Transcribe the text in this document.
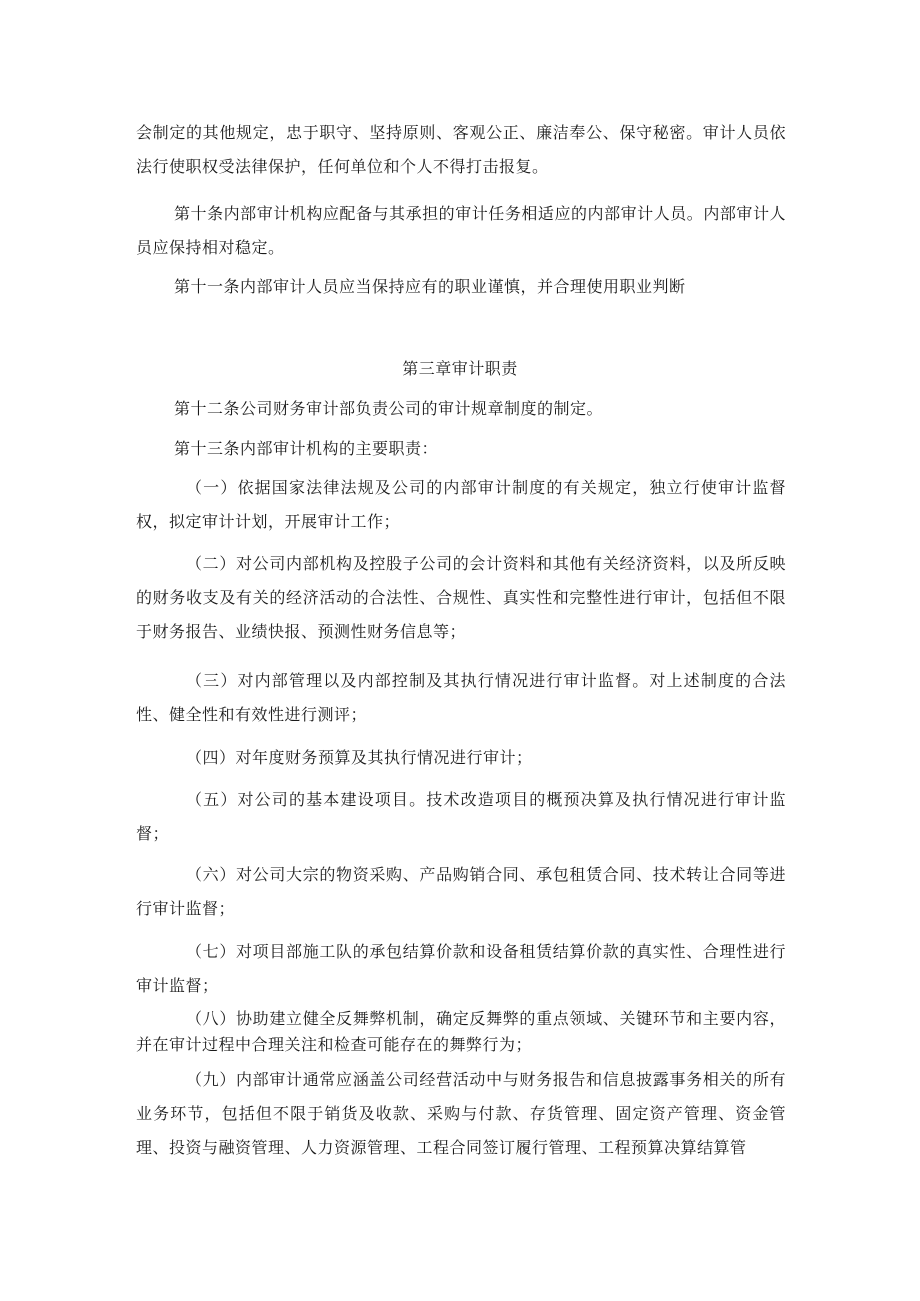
会制定的其他规定，忠于职守、坚持原则、客观公正、廉洁奉公、保守秘密。审计人员依法行使职权受法律保护，任何单位和个人不得打击报复。
第十条内部审计机构应配备与其承担的审计任务相适应的内部审计人员。内部审计人员应保持相对稳定。
第十一条内部审计人员应当保持应有的职业谨慎，并合理使用职业判断
第三章审计职责
第十二条公司财务审计部负责公司的审计规章制度的制定。
第十三条内部审计机构的主要职责：
（一）依据国家法律法规及公司的内部审计制度的有关规定，独立行使审计监督权，拟定审计计划，开展审计工作；
（二）对公司内部机构及控股子公司的会计资料和其他有关经济资料，以及所反映的财务收支及有关的经济活动的合法性、合规性、真实性和完整性进行审计，包括但不限于财务报告、业绩快报、预测性财务信息等；
（三）对内部管理以及内部控制及其执行情况进行审计监督。对上述制度的合法性、健全性和有效性进行测评；
（四）对年度财务预算及其执行情况进行审计；
（五）对公司的基本建设项目。技术改造项目的概预决算及执行情况进行审计监督；
（六）对公司大宗的物资采购、产品购销合同、承包租赁合同、技术转让合同等进行审计监督；
（七）对项目部施工队的承包结算价款和设备租赁结算价款的真实性、合理性进行审计监督；
（八）协助建立健全反舞弊机制，确定反舞弊的重点领域、关键环节和主要内容，并在审计过程中合理关注和检查可能存在的舞弊行为；
（九）内部审计通常应涵盖公司经营活动中与财务报告和信息披露事务相关的所有业务环节，包括但不限于销货及收款、采购与付款、存货管理、固定资产管理、资金管理、投资与融资管理、人力资源管理、工程合同签订履行管理、工程预算决算结算管
